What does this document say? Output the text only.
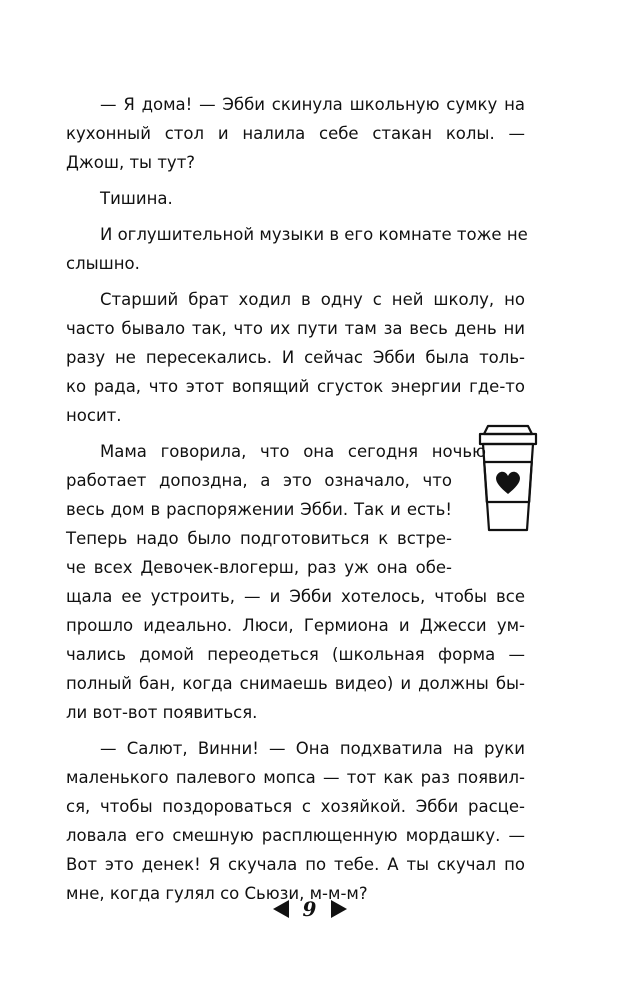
— Я дома! — Эбби скинула школьную сумку на
кухонный стол и налила себе стакан колы. —
Джош, ты тут?
Тишина.
И оглушительной музыки в его комнате тоже не
слышно.
Старший брат ходил в одну с ней школу, но
часто бывало так, что их пути там за весь день ни
разу не пересекались. И сейчас Эбби была толь-
ко рада, что этот вопящий сгусток энергии где-то
носит.
Мама говорила, что она сегодня ночью
работает допоздна, а это означало, что
весь дом в распоряжении Эбби. Так и есть!
Теперь надо было подготовиться к встре-
че всех Девочек-влогерш, раз уж она обе-
щала ее устроить, — и Эбби хотелось, чтобы все
прошло идеально. Люси, Гермиона и Джесси ум-
чались домой переодеться (школьная форма —
полный бан, когда снимаешь видео) и должны бы-
ли вот-вот появиться.
— Салют, Винни! — Она подхватила на руки
маленького палевого мопса — тот как раз появил-
ся, чтобы поздороваться с хозяйкой. Эбби расце-
ловала его смешную расплющенную мордашку. —
Вот это денек! Я скучала по тебе. А ты скучал по
мне, когда гулял со Сьюзи, м-м-м?
9
